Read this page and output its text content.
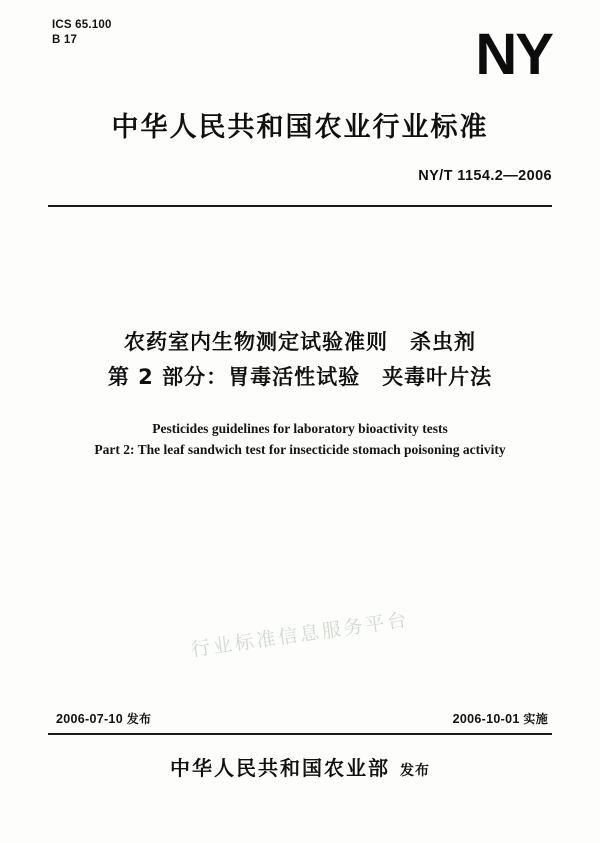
ICS 65.100
B 17	NY
中华人民共和国农业行业标准
NY/T 1154.2—2006
农药室内生物测定试验准则　杀虫剂
第 2 部分：胃毒活性试验　夹毒叶片法
Pesticides guidelines for laboratory bioactivity tests
Part 2: The leaf sandwich test for insecticide stomach poisoning activity
行业标准信息服务平台
2006-07-10 发布	2006-10-01 实施
中华人民共和国农业部 发布
